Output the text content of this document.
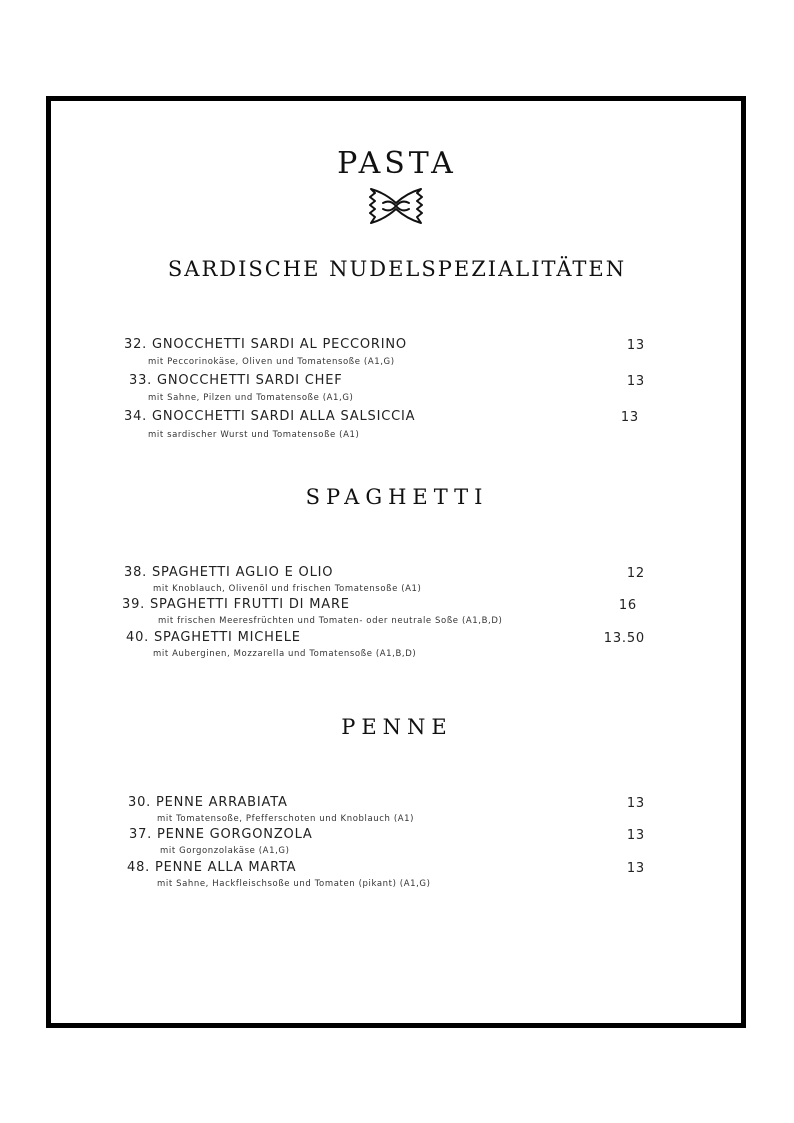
PASTA
SARDISCHE NUDELSPEZIALITÄTEN
32. GNOCCHETTI SARDI AL PECCORINO
mit Peccorinokäse, Oliven und Tomatensoße (A1,G)
13
33. GNOCCHETTI SARDI CHEF
mit Sahne, Pilzen und Tomatensoße (A1,G)
13
34. GNOCCHETTI SARDI ALLA SALSICCIA
mit sardischer Wurst und Tomatensoße (A1)
13
SPAGHETTI
38. SPAGHETTI AGLIO E OLIO
mit Knoblauch, Olivenöl und frischen Tomatensoße (A1)
12
39. SPAGHETTI FRUTTI DI MARE
mit frischen Meeresfrüchten und Tomaten- oder neutrale Soße (A1,B,D)
16
40. SPAGHETTI MICHELE
mit Auberginen, Mozzarella und Tomatensoße (A1,B,D)
13.50
PENNE
30. PENNE ARRABIATA
mit Tomatensoße, Pfefferschoten und Knoblauch (A1)
13
37. PENNE GORGONZOLA
mit Gorgonzolakäse (A1,G)
13
48. PENNE ALLA MARTA
mit Sahne, Hackfleischsoße und Tomaten (pikant) (A1,G)
13
